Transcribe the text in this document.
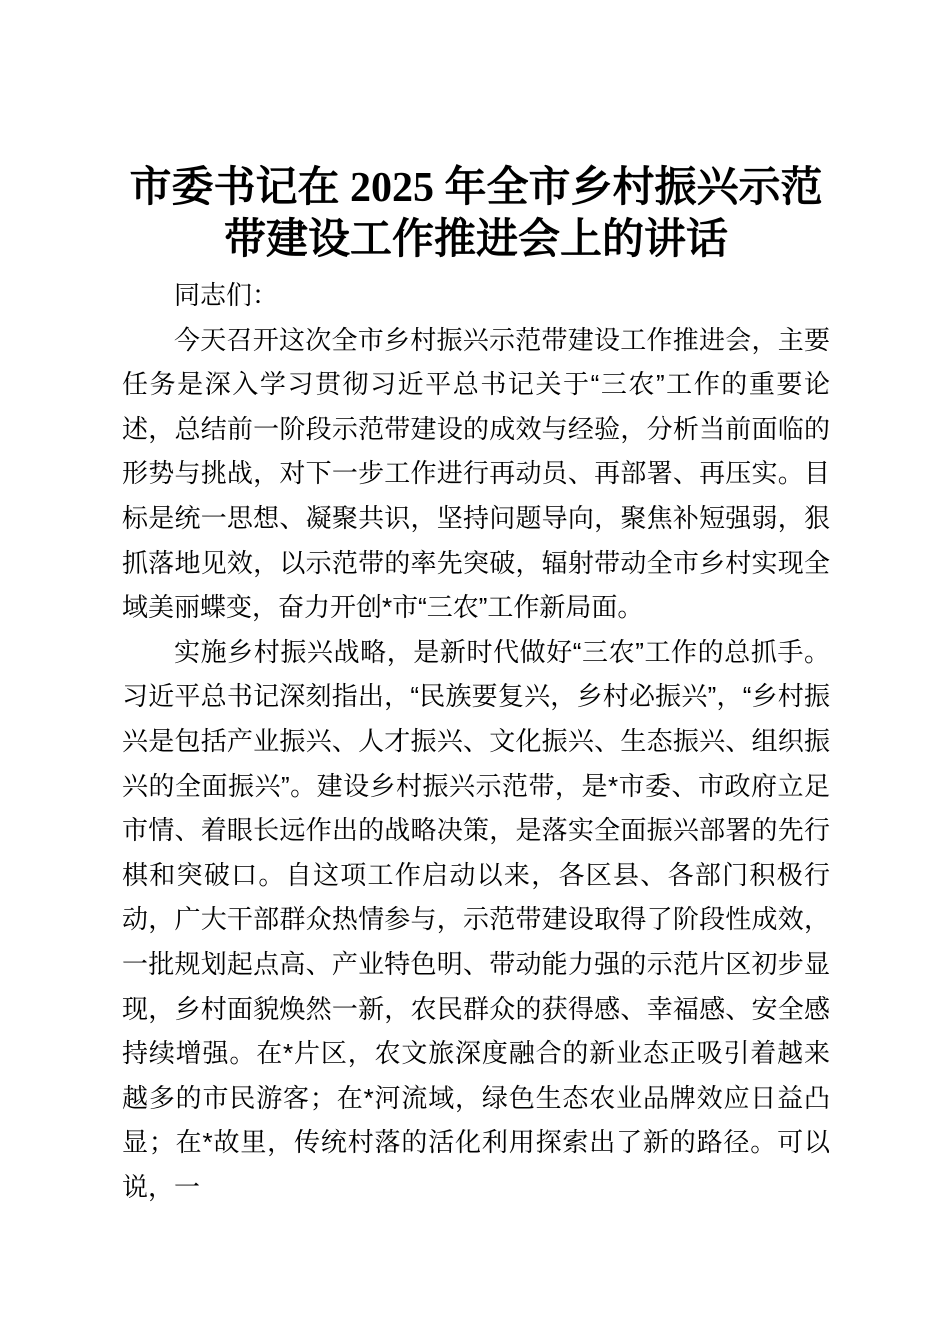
市委书记在 2025 年全市乡村振兴示范
带建设工作推进会上的讲话

同志们：

今天召开这次全市乡村振兴示范带建设工作推进会，主要任务是深入学习贯彻习近平总书记关于“三农”工作的重要论述，总结前一阶段示范带建设的成效与经验，分析当前面临的形势与挑战，对下一步工作进行再动员、再部署、再压实。目标是统一思想、凝聚共识，坚持问题导向，聚焦补短强弱，狠抓落地见效，以示范带的率先突破，辐射带动全市乡村实现全域美丽蝶变，奋力开创*市“三农”工作新局面。

实施乡村振兴战略，是新时代做好“三农”工作的总抓手。习近平总书记深刻指出，“民族要复兴，乡村必振兴”，“乡村振兴是包括产业振兴、人才振兴、文化振兴、生态振兴、组织振兴的全面振兴”。建设乡村振兴示范带，是*市委、市政府立足市情、着眼长远作出的战略决策，是落实全面振兴部署的先行棋和突破口。自这项工作启动以来，各区县、各部门积极行动，广大干部群众热情参与，示范带建设取得了阶段性成效，一批规划起点高、产业特色明、带动能力强的示范片区初步显现，乡村面貌焕然一新，农民群众的获得感、幸福感、安全感持续增强。在*片区，农文旅深度融合的新业态正吸引着越来越多的市民游客；在*河流域，绿色生态农业品牌效应日益凸显；在*故里，传统村落的活化利用探索出了新的路径。可以说，一
